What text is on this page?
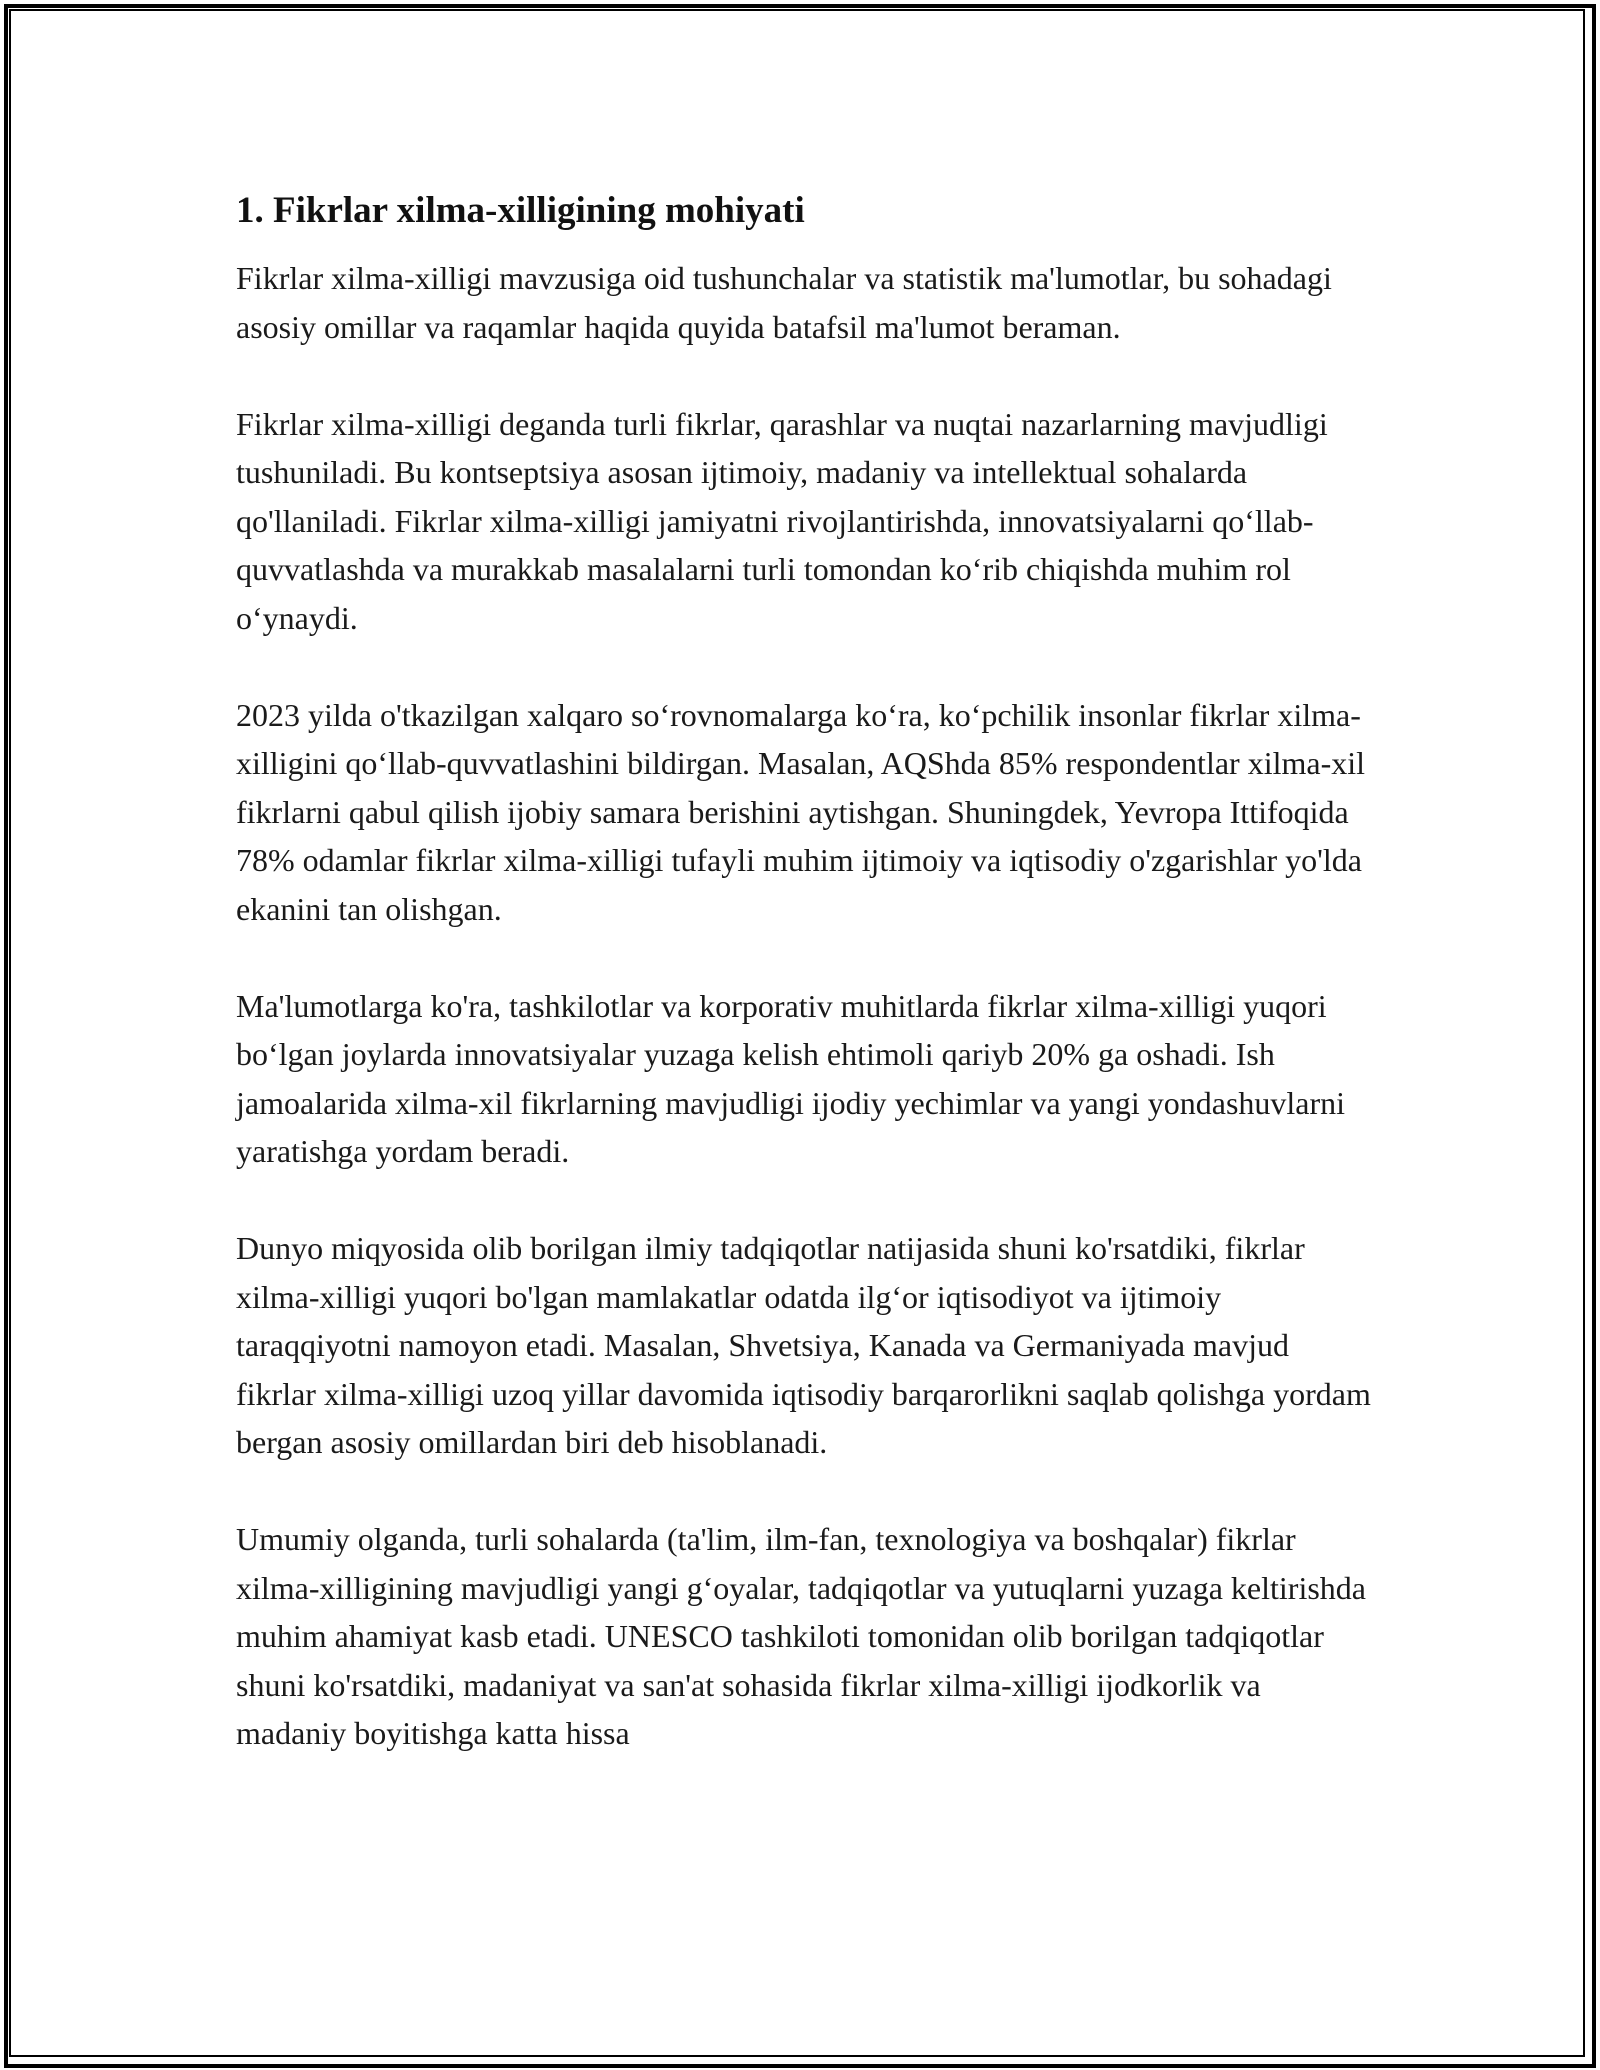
1. Fikrlar xilma-xilligining mohiyati

Fikrlar xilma-xilligi mavzusiga oid tushunchalar va statistik ma'lumotlar, bu sohadagi asosiy omillar va raqamlar haqida quyida batafsil ma'lumot beraman.

Fikrlar xilma-xilligi deganda turli fikrlar, qarashlar va nuqtai nazarlarning mavjudligi tushuniladi. Bu kontseptsiya asosan ijtimoiy, madaniy va intellektual sohalarda qo'llaniladi. Fikrlar xilma-xilligi jamiyatni rivojlantirishda, innovatsiyalarni qo‘llab-quvvatlashda va murakkab masalalarni turli tomondan ko‘rib chiqishda muhim rol o‘ynaydi.

2023 yilda o'tkazilgan xalqaro so‘rovnomalarga ko‘ra, ko‘pchilik insonlar fikrlar xilma-xilligini qo‘llab-quvvatlashini bildirgan. Masalan, AQShda 85% respondentlar xilma-xil fikrlarni qabul qilish ijobiy samara berishini aytishgan. Shuningdek, Yevropa Ittifoqida 78% odamlar fikrlar xilma-xilligi tufayli muhim ijtimoiy va iqtisodiy o'zgarishlar yo'lda ekanini tan olishgan.

Ma'lumotlarga ko'ra, tashkilotlar va korporativ muhitlarda fikrlar xilma-xilligi yuqori bo‘lgan joylarda innovatsiyalar yuzaga kelish ehtimoli qariyb 20% ga oshadi. Ish jamoalarida xilma-xil fikrlarning mavjudligi ijodiy yechimlar va yangi yondashuvlarni yaratishga yordam beradi.

Dunyo miqyosida olib borilgan ilmiy tadqiqotlar natijasida shuni ko'rsatdiki, fikrlar xilma-xilligi yuqori bo'lgan mamlakatlar odatda ilg‘or iqtisodiyot va ijtimoiy taraqqiyotni namoyon etadi. Masalan, Shvetsiya, Kanada va Germaniyada mavjud fikrlar xilma-xilligi uzoq yillar davomida iqtisodiy barqarorlikni saqlab qolishga yordam bergan asosiy omillardan biri deb hisoblanadi.

Umumiy olganda, turli sohalarda (ta'lim, ilm-fan, texnologiya va boshqalar) fikrlar xilma-xilligining mavjudligi yangi g‘oyalar, tadqiqotlar va yutuqlarni yuzaga keltirishda muhim ahamiyat kasb etadi. UNESCO tashkiloti tomonidan olib borilgan tadqiqotlar shuni ko'rsatdiki, madaniyat va san'at sohasida fikrlar xilma-xilligi ijodkorlik va madaniy boyitishga katta hissa
